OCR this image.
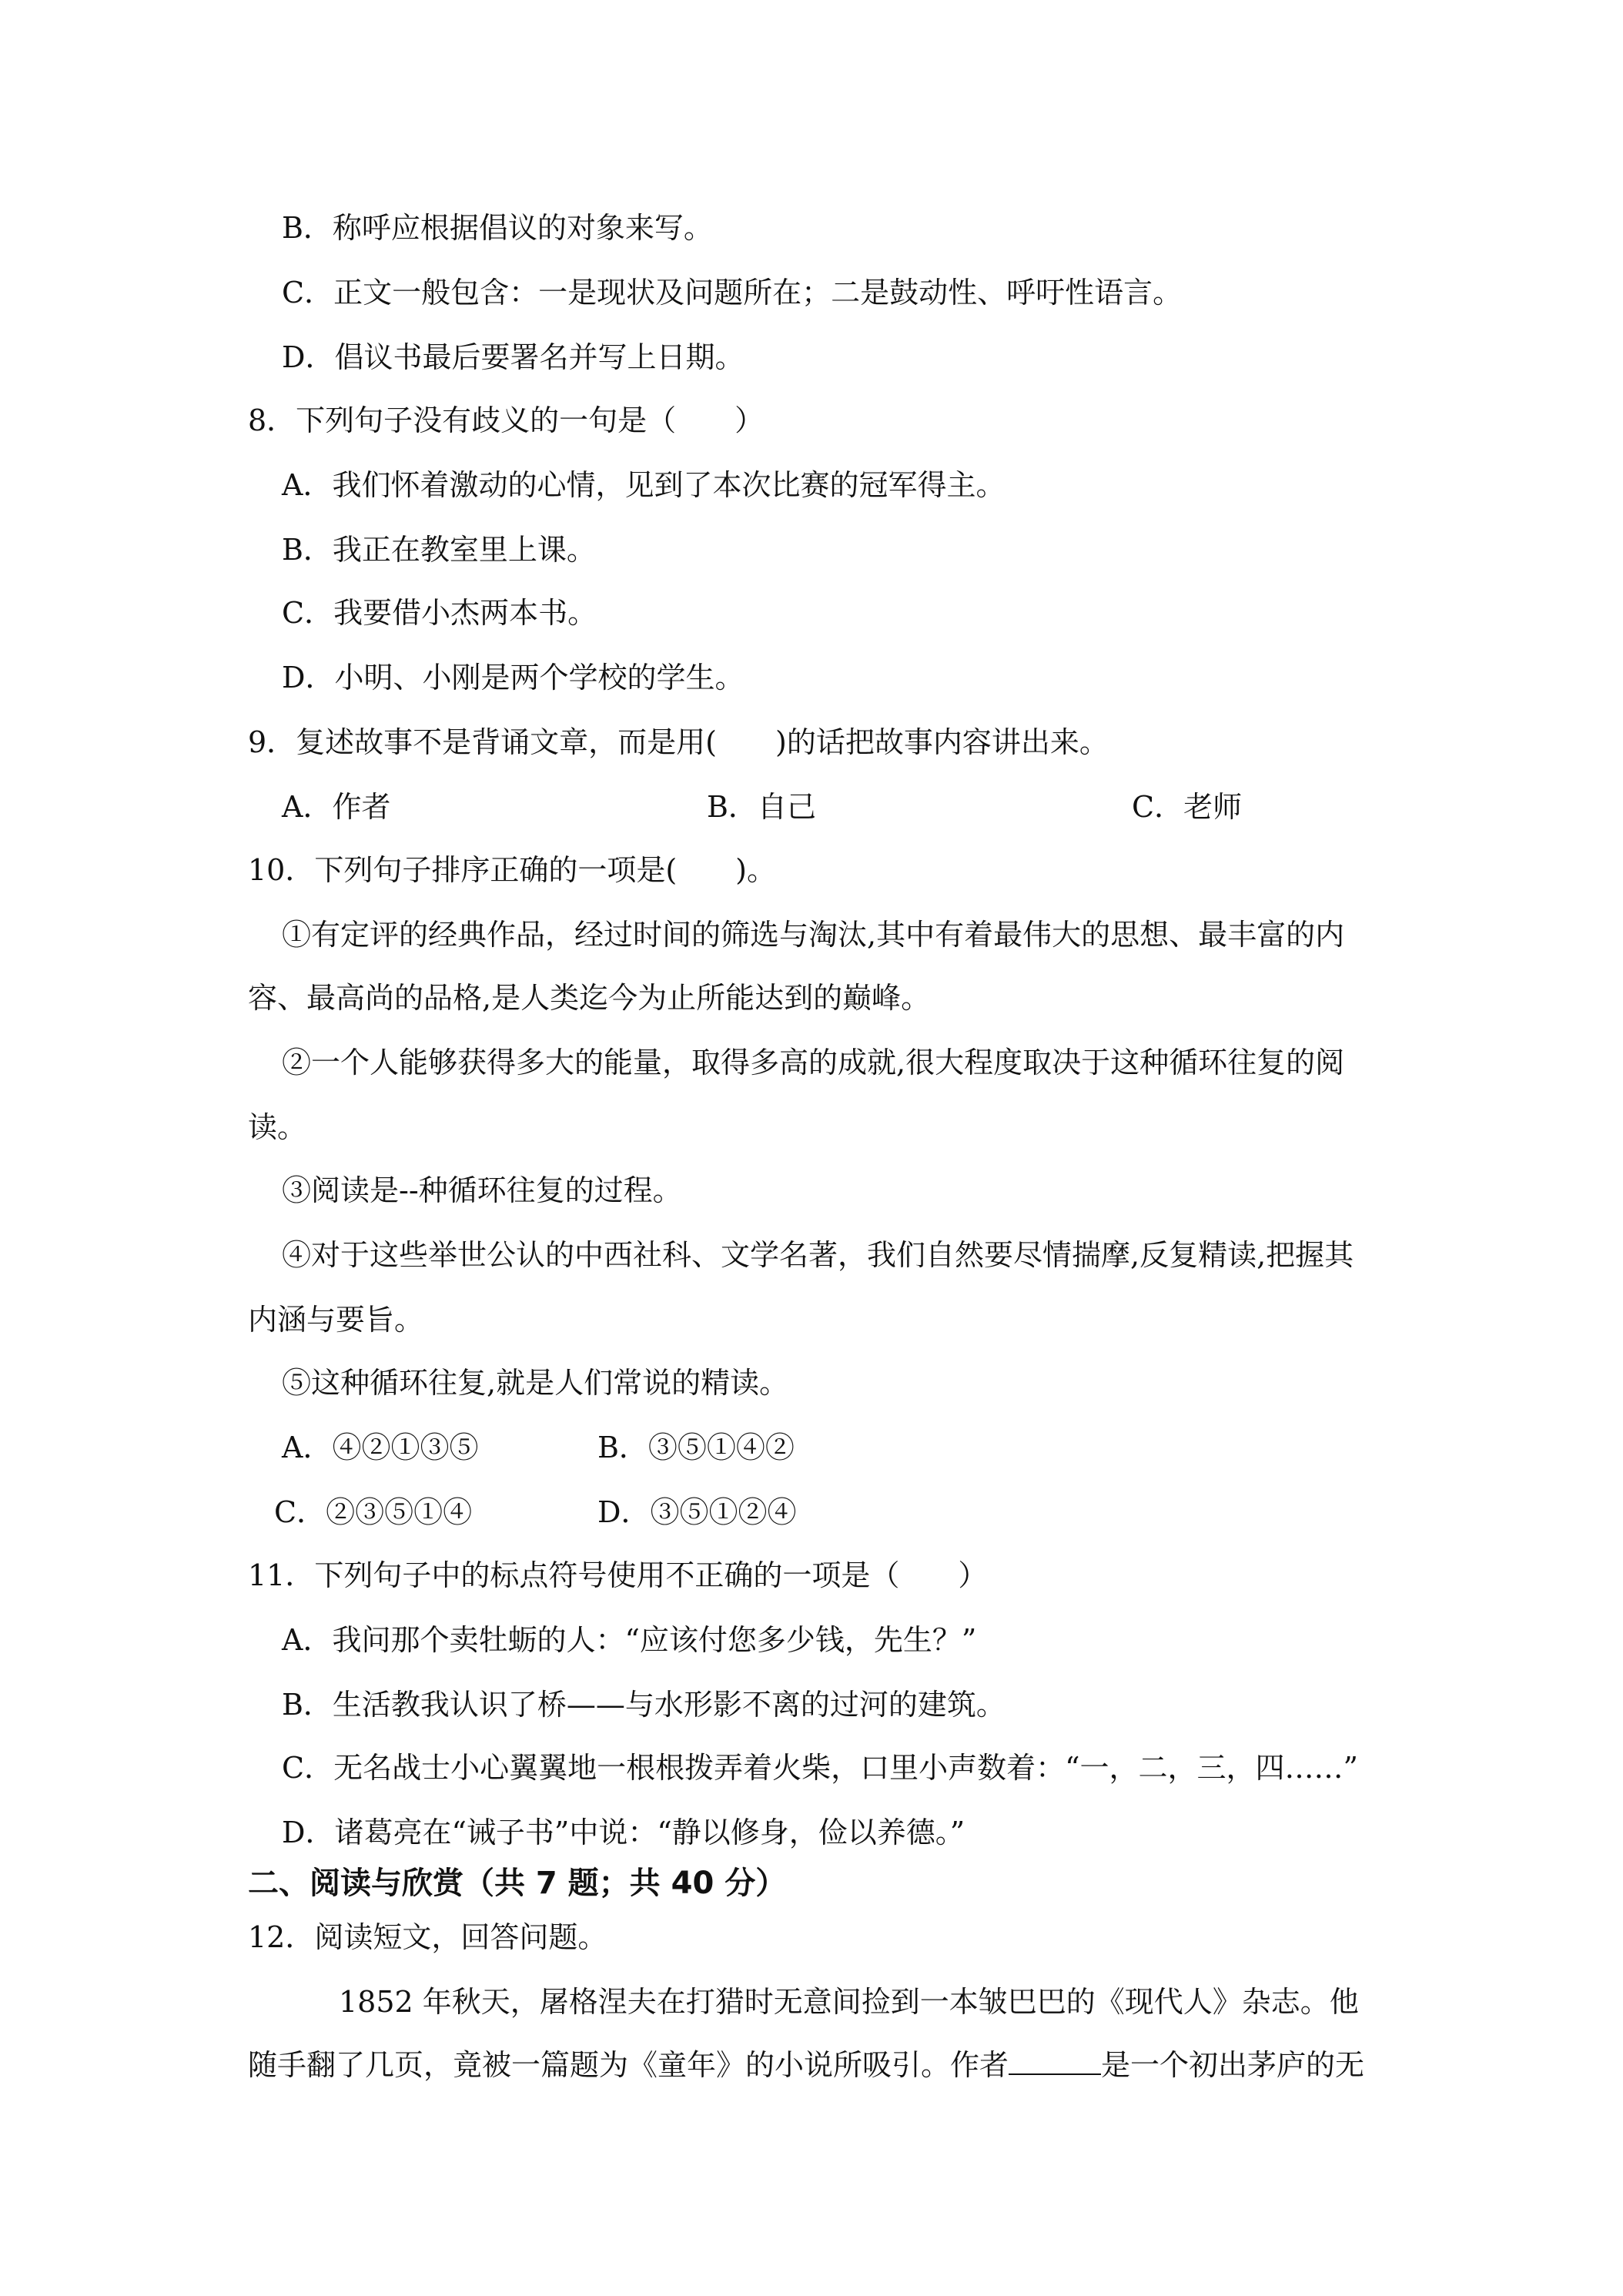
B．称呼应根据倡议的对象来写。
C．正文一般包含：一是现状及问题所在；二是鼓动性、呼吁性语言。
D．倡议书最后要署名并写上日期。
8．下列句子没有歧义的一句是（　　）
A．我们怀着激动的心情，见到了本次比赛的冠军得主。
B．我正在教室里上课。
C．我要借小杰两本书。
D．小明、小刚是两个学校的学生。
9．复述故事不是背诵文章，而是用(　　)的话把故事内容讲出来。
A．作者	B．自己	C．老师
10．下列句子排序正确的一项是(　　)。
①有定评的经典作品，经过时间的筛选与淘汰,其中有着最伟大的思想、最丰富的内
容、最高尚的品格,是人类迄今为止所能达到的巅峰。
②一个人能够获得多大的能量，取得多高的成就,很大程度取决于这种循环往复的阅
读。
③阅读是--种循环往复的过程。
④对于这些举世公认的中西社科、文学名著，我们自然要尽情揣摩,反复精读,把握其
内涵与要旨。
⑤这种循环往复,就是人们常说的精读。
A．④②①③⑤	B．③⑤①④②
C．②③⑤①④	D．③⑤①②④
11．下列句子中的标点符号使用不正确的一项是（　　）
A．我问那个卖牡蛎的人：“应该付您多少钱，先生？”
B．生活教我认识了桥——与水形影不离的过河的建筑。
C．无名战士小心翼翼地一根根拨弄着火柴，口里小声数着：“一，二，三，四……”
D．诸葛亮在“诫子书”中说：“静以修身，俭以养德。”
二、阅读与欣赏（共 7 题；共 40 分）
12．阅读短文，回答问题。
1852 年秋天，屠格涅夫在打猎时无意间捡到一本皱巴巴的《现代人》杂志。他
随手翻了几页，竟被一篇题为《童年》的小说所吸引。作者	是一个初出茅庐的无
